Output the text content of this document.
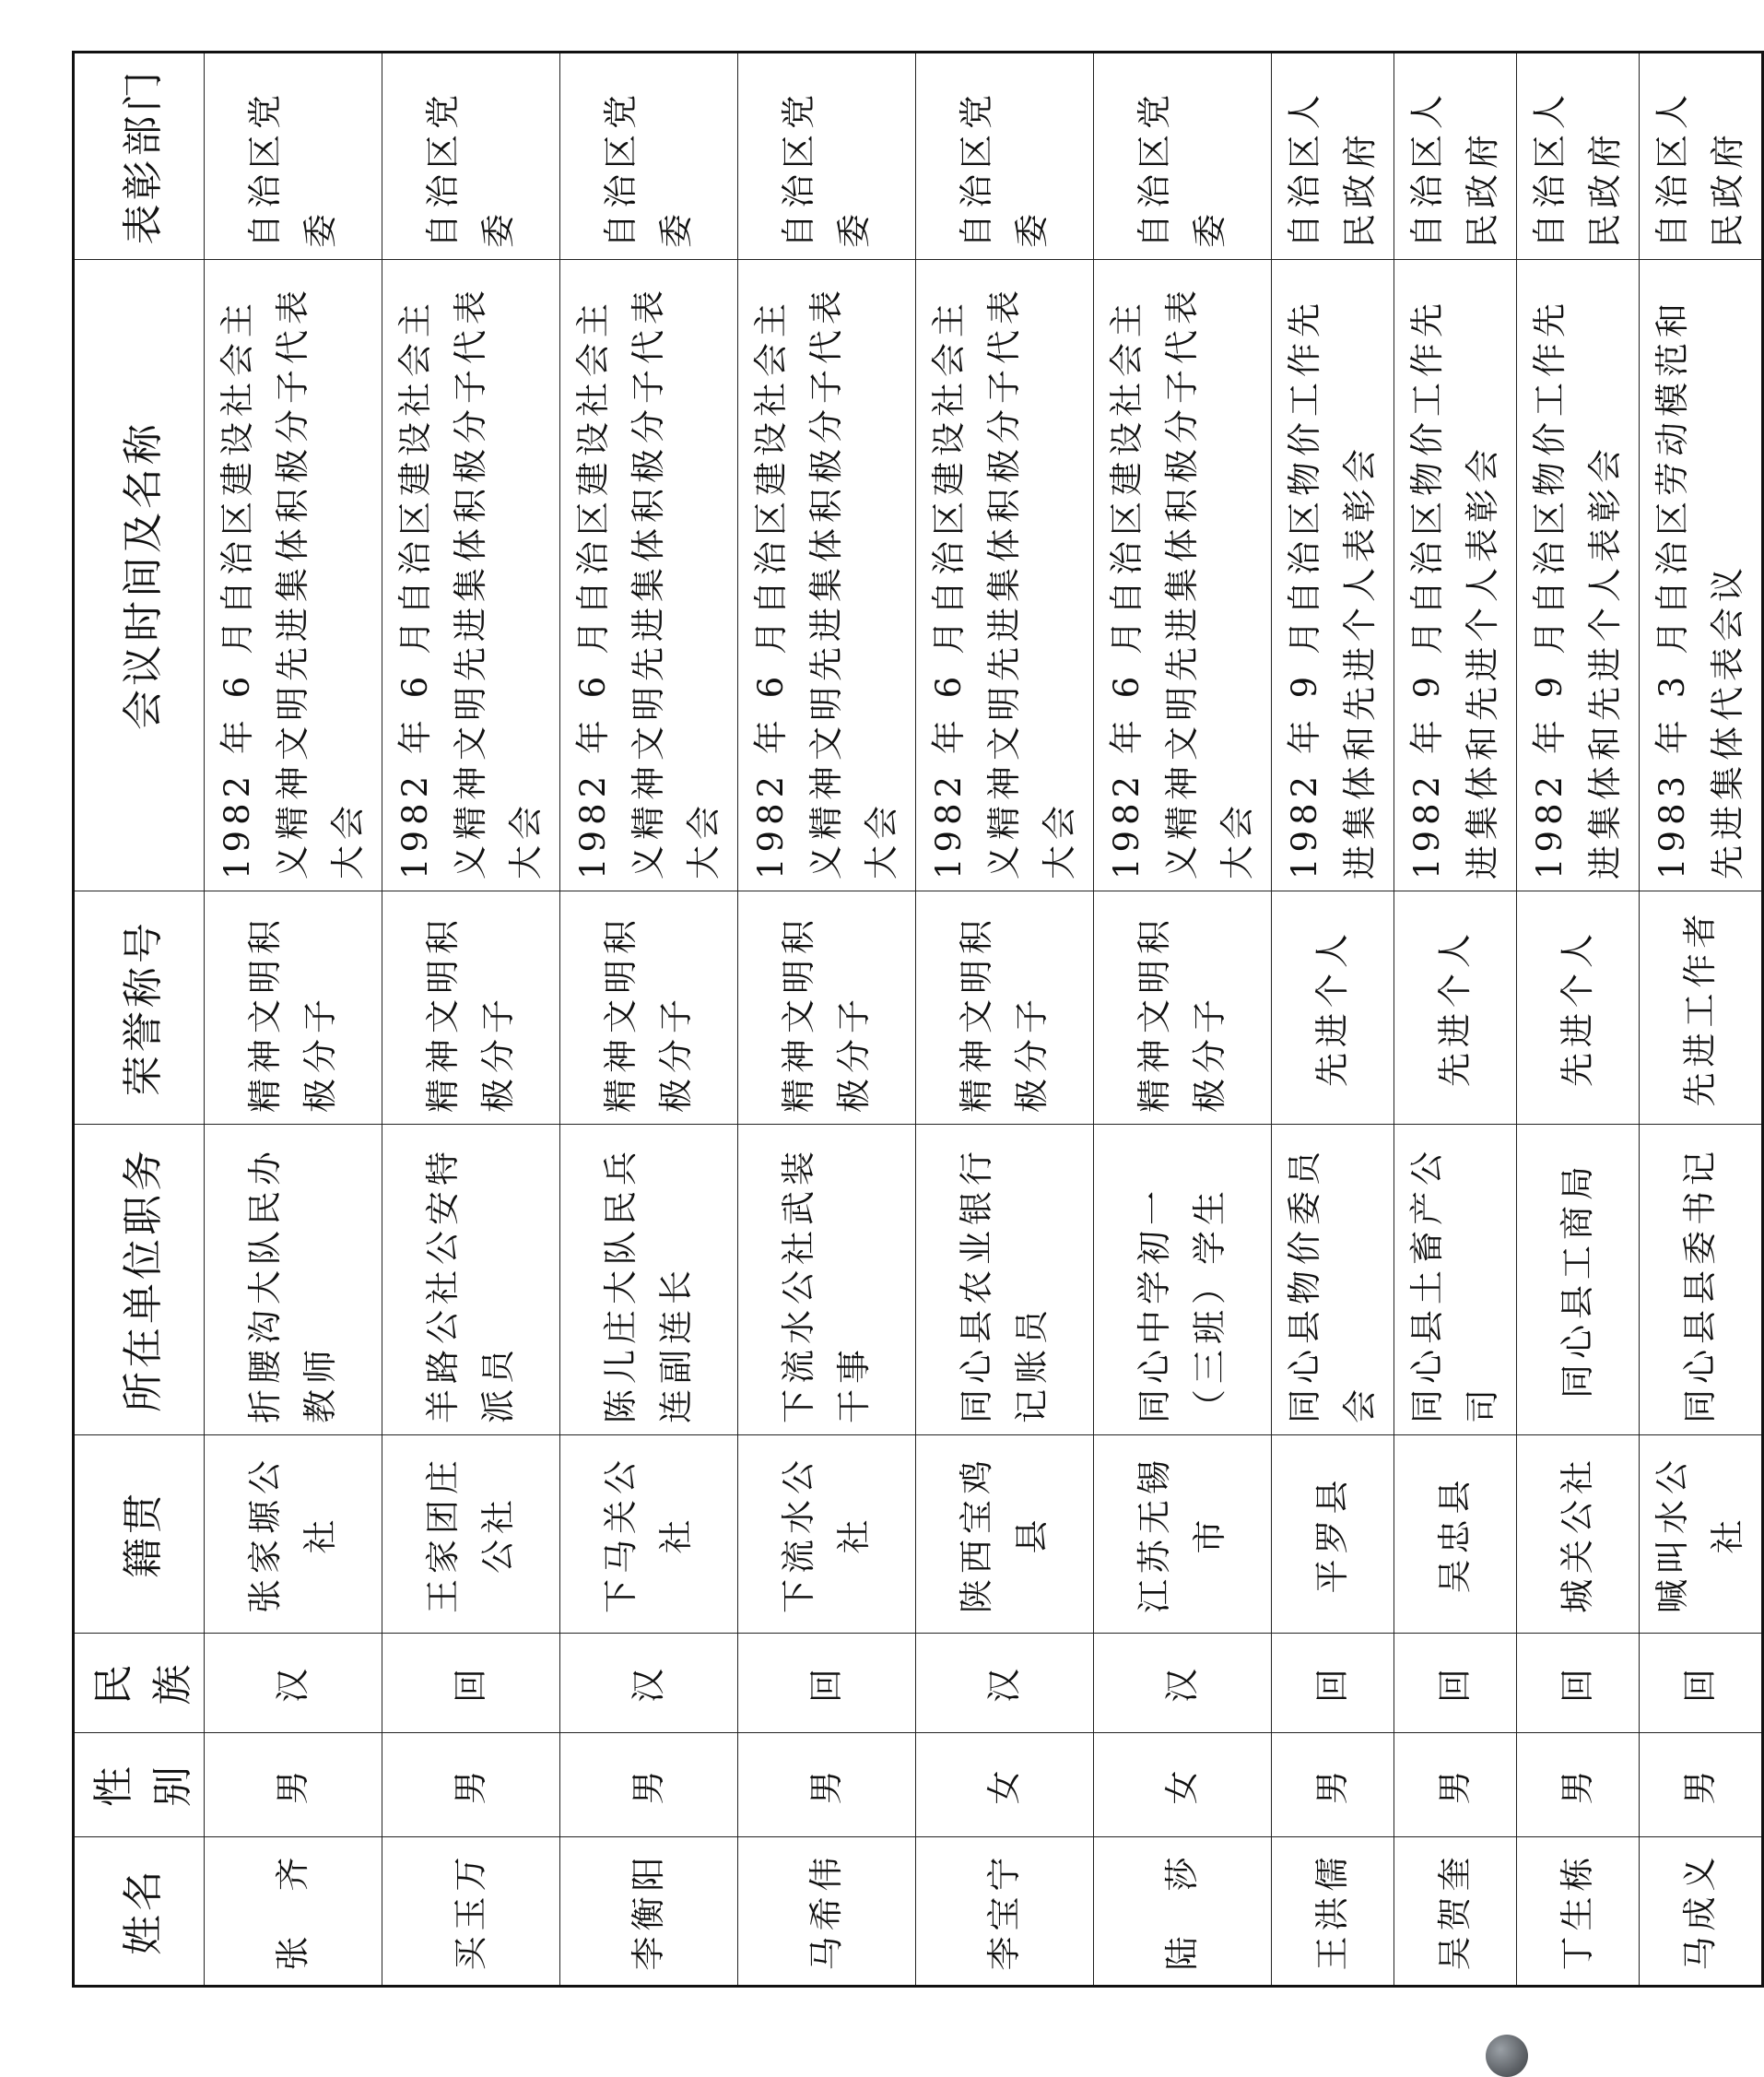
姓名	性别	民族	籍贯	所在单位职务	荣誉称号	会议时间及名称	表彰部门
张　齐	男	汉	张家塬公社	折腰沟大队民办教师	精神文明积极分子	1982 年 6 月自治区建设社会主义精神文明先进集体积极分子代表大会	自治区党委
买玉万	男	回	王家团庄公社	羊路公社公安特派员	精神文明积极分子	1982 年 6 月自治区建设社会主义精神文明先进集体积极分子代表大会	自治区党委
李衡阳	男	汉	下马关公社	陈儿庄大队民兵连副连长	精神文明积极分子	1982 年 6 月自治区建设社会主义精神文明先进集体积极分子代表大会	自治区党委
马希伟	男	回	下流水公社	下流水公社武装干事	精神文明积极分子	1982 年 6 月自治区建设社会主义精神文明先进集体积极分子代表大会	自治区党委
李宝宁	女	汉	陕西宝鸡县	同心县农业银行记账员	精神文明积极分子	1982 年 6 月自治区建设社会主义精神文明先进集体积极分子代表大会	自治区党委
陆　莎	女	汉	江苏无锡市	同心中学初一（三班）学生	精神文明积极分子	1982 年 6 月自治区建设社会主义精神文明先进集体积极分子代表大会	自治区党委
王洪儒	男	回	平罗县	同心县物价委员会	先进个人	1982 年 9 月自治区物价工作先进集体和先进个人表彰会	自治区人民政府
吴贺奎	男	回	吴忠县	同心县土畜产公司	先进个人	1982 年 9 月自治区物价工作先进集体和先进个人表彰会	自治区人民政府
丁生栋	男	回	城关公社	同心县工商局	先进个人	1982 年 9 月自治区物价工作先进集体和先进个人表彰会	自治区人民政府
马成义	男	回	喊叫水公社	同心县县委书记	先进工作者	1983 年 3 月自治区劳动模范和先进集体代表会议	自治区人民政府
